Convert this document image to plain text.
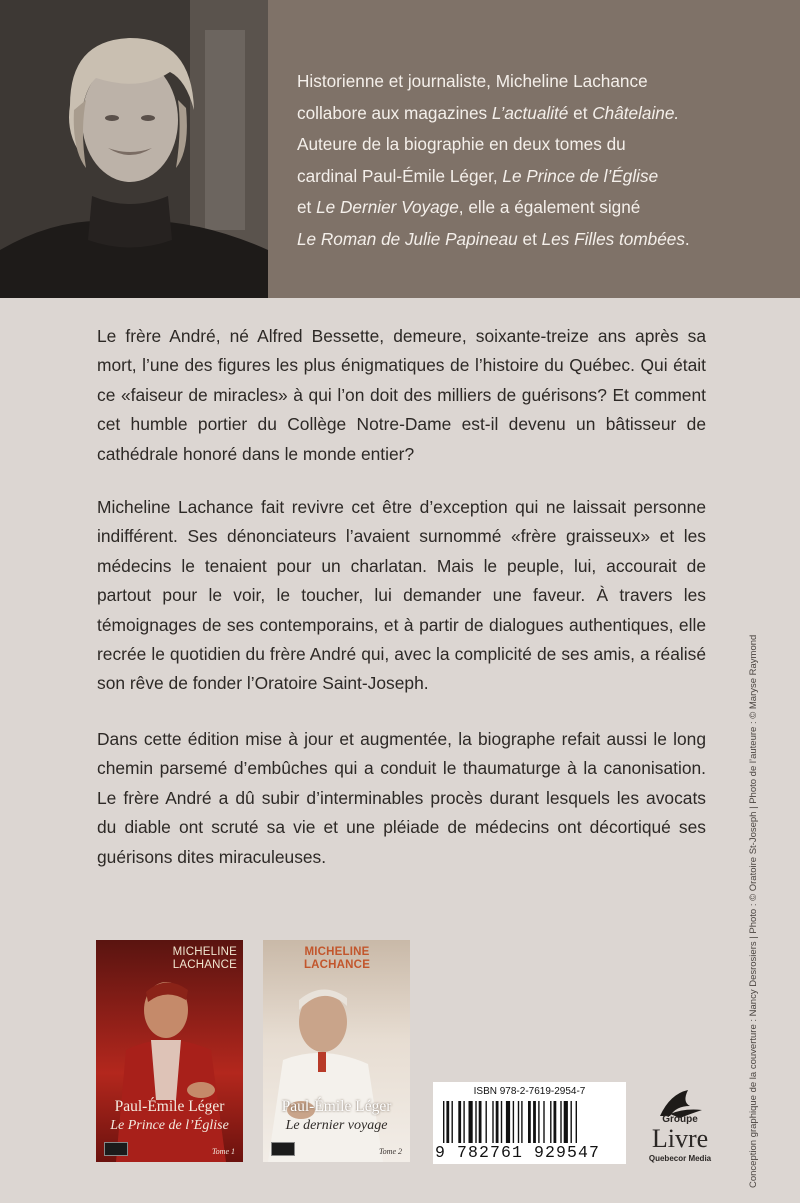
Historienne et journaliste, Micheline Lachance
collabore aux magazines L’actualité et Châtelaine.
Auteure de la biographie en deux tomes du
cardinal Paul-Émile Léger, Le Prince de l’Église
et Le Dernier Voyage, elle a également signé
Le Roman de Julie Papineau et Les Filles tombées.
Le frère André, né Alfred Bessette, demeure, soixante-treize ans après sa mort, l’une des figures les plus énigmatiques de l’histoire du Québec. Qui était ce «faiseur de miracles» à qui l’on doit des milliers de guérisons? Et comment cet humble portier du Collège Notre-Dame est-il devenu un bâtisseur de cathédrale honoré dans le monde entier?
Micheline Lachance fait revivre cet être d’exception qui ne laissait personne indifférent. Ses dénonciateurs l’avaient surnommé «frère graisseux» et les médecins le tenaient pour un charlatan. Mais le peuple, lui, accourait de partout pour le voir, le toucher, lui demander une faveur. À travers les témoignages de ses contemporains, et à partir de dialogues authentiques, elle recrée le quotidien du frère André qui, avec la complicité de ses amis, a réalisé son rêve de fonder l’Oratoire Saint-Joseph.
Dans cette édition mise à jour et augmentée, la biographe refait aussi le long chemin parsemé d’embûches qui a conduit le thaumaturge à la canonisation. Le frère André a dû subir d’interminables procès durant lesquels les avocats du diable ont scruté sa vie et une pléiade de médecins ont décortiqué ses guérisons dites miraculeuses.
MICHELINE
LACHANCE
Paul-Émile Léger
Le Prince de l’Église
Tome 1
MICHELINE
LACHANCE
Paul-Émile Léger
Le dernier voyage
Tome 2
ISBN 978-2-7619-2954-7
9 782761 929547
Groupe
Livre
Quebecor Media	Conception graphique de la couverture : Nancy Desrosiers | Photo : © Oratoire St-Joseph | Photo de l’auteure : © Maryse Raymond
